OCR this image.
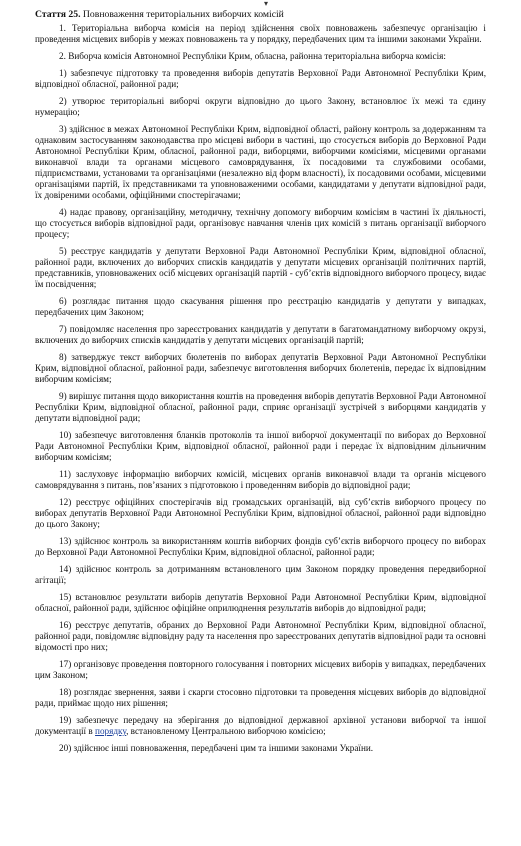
▾
Стаття 25. Повноваження територіальних виборчих комісій

1. Територіальна виборча комісія на період здійснення своїх повноважень забезпечує організацію і проведення місцевих виборів у межах повноважень та у порядку, передбачених цим та іншими законами України.

2. Виборча комісія Автономної Республіки Крим, обласна, районна територіальна виборча комісія:

1) забезпечує підготовку та проведення виборів депутатів Верховної Ради Автономної Республіки Крим, відповідної обласної, районної ради;

2) утворює територіальні виборчі округи відповідно до цього Закону, встановлює їх межі та єдину нумерацію;

3) здійснює в межах Автономної Республіки Крим, відповідної області, району контроль за додержанням та однаковим застосуванням законодавства про місцеві вибори в частині, що стосується виборів до Верховної Ради Автономної Республіки Крим, обласної, районної ради, виборцями, виборчими комісіями, місцевими органами виконавчої влади та органами місцевого самоврядування, їх посадовими та службовими особами, підприємствами, установами та організаціями (незалежно від форм власності), їх посадовими особами, місцевими організаціями партій, їх представниками та уповноваженими особами, кандидатами у депутати відповідної ради, їх довіреними особами, офіційними спостерігачами;

4) надає правову, організаційну, методичну, технічну допомогу виборчим комісіям в частині їх діяльності, що стосується виборів відповідної ради, організовує навчання членів цих комісій з питань організації виборчого процесу;

5) реєструє кандидатів у депутати Верховної Ради Автономної Республіки Крим, відповідної обласної, районної ради, включених до виборчих списків кандидатів у депутати місцевих організацій політичних партій, представників, уповноважених осіб місцевих організацій партій - суб’єктів відповідного виборчого процесу, видає їм посвідчення;

6) розглядає питання щодо скасування рішення про реєстрацію кандидатів у депутати у випадках, передбачених цим Законом;

7) повідомляє населення про зареєстрованих кандидатів у депутати в багатомандатному виборчому окрузі, включених до виборчих списків кандидатів у депутати місцевих організацій партій;

8) затверджує текст виборчих бюлетенів по виборах депутатів Верховної Ради Автономної Республіки Крим, відповідної обласної, районної ради, забезпечує виготовлення виборчих бюлетенів, передає їх відповідним виборчим комісіям;

9) вирішує питання щодо використання коштів на проведення виборів депутатів Верховної Ради Автономної Республіки Крим, відповідної обласної, районної ради, сприяє організації зустрічей з виборцями кандидатів у депутати відповідної ради;

10) забезпечує виготовлення бланків протоколів та іншої виборчої документації по виборах до Верховної Ради Автономної Республіки Крим, відповідної обласної, районної ради і передає їх відповідним дільничним виборчим комісіям;

11) заслуховує інформацію виборчих комісій, місцевих органів виконавчої влади та органів місцевого самоврядування з питань, пов’язаних з підготовкою і проведенням виборів до відповідної ради;

12) реєструє офіційних спостерігачів від громадських організацій, від суб’єктів виборчого процесу по виборах депутатів Верховної Ради Автономної Республіки Крим, відповідної обласної, районної ради відповідно до цього Закону;

13) здійснює контроль за використанням коштів виборчих фондів суб’єктів виборчого процесу по виборах до Верховної Ради Автономної Республіки Крим, відповідної обласної, районної ради;

14) здійснює контроль за дотриманням встановленого цим Законом порядку проведення передвиборної агітації;

15) встановлює результати виборів депутатів Верховної Ради Автономної Республіки Крим, відповідної обласної, районної ради, здійснює офіційне оприлюднення результатів виборів до відповідної ради;

16) реєструє депутатів, обраних до Верховної Ради Автономної Республіки Крим, відповідної обласної, районної ради, повідомляє відповідну раду та населення про зареєстрованих депутатів відповідної ради та основні відомості про них;

17) організовує проведення повторного голосування і повторних місцевих виборів у випадках, передбачених цим Законом;

18) розглядає звернення, заяви і скарги стосовно підготовки та проведення місцевих виборів до відповідної ради, приймає щодо них рішення;

19) забезпечує передачу на зберігання до відповідної державної архівної установи виборчої та іншої документації в порядку, встановленому Центральною виборчою комісією;

20) здійснює інші повноваження, передбачені цим та іншими законами України.
